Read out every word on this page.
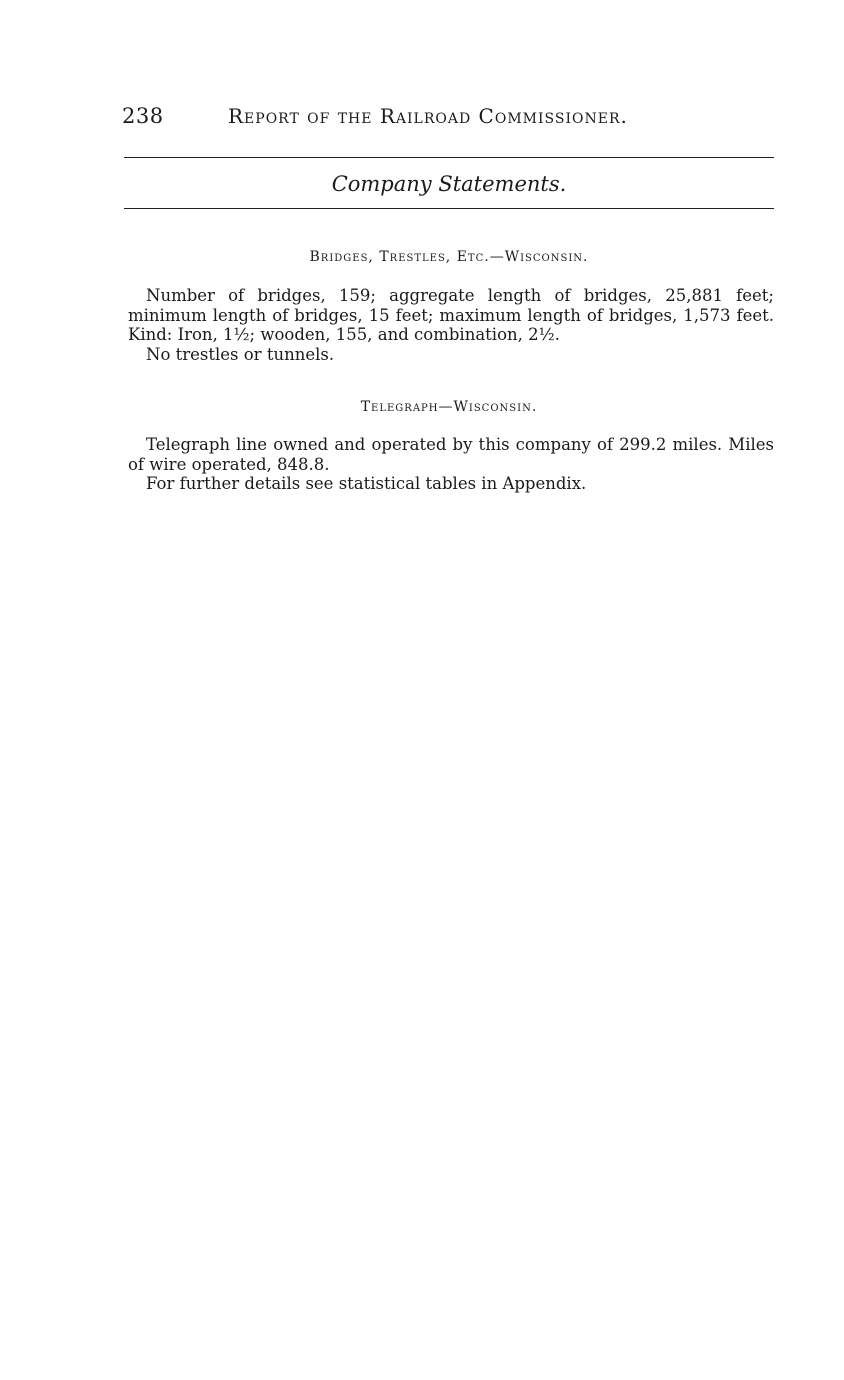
238	Report of the Railroad Commissioner.
Company Statements.
Bridges, Trestles, Etc.—Wisconsin.

Number of bridges, 159; aggregate length of bridges, 25,881 feet; minimum length of bridges, 15 feet; maximum length of bridges, 1,573 feet. Kind: Iron, 1½; wooden, 155, and combination, 2½.

No trestles or tunnels.

Telegraph—Wisconsin.

Telegraph line owned and operated by this company of 299.2 miles. Miles of wire operated, 848.8.

For further details see statistical tables in Appendix.
